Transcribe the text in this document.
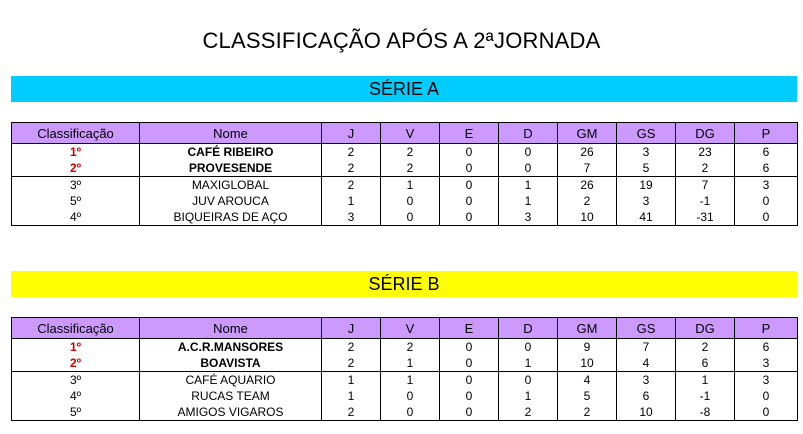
CLASSIFICAÇÃO APÓS A 2ªJORNADA
SÉRIE A
Classificação	Nome	J	V	E	D	GM	GS	DG	P
1º	CAFÉ RIBEIRO	2	2	0	0	26	3	23	6
2º	PROVESENDE	2	2	0	0	7	5	2	6
3º	MAXIGLOBAL	2	1	0	1	26	19	7	3
5º	JUV AROUCA	1	0	0	1	2	3	-1	0
4º	BIQUEIRAS DE AÇO	3	0	0	3	10	41	-31	0
SÉRIE B
Classificação	Nome	J	V	E	D	GM	GS	DG	P
1º	A.C.R.MANSORES	2	2	0	0	9	7	2	6
2º	BOAVISTA	2	1	0	1	10	4	6	3
3º	CAFÉ AQUARIO	1	1	0	0	4	3	1	3
4º	RUCAS TEAM	1	0	0	1	5	6	-1	0
5º	AMIGOS VIGAROS	2	0	0	2	2	10	-8	0
